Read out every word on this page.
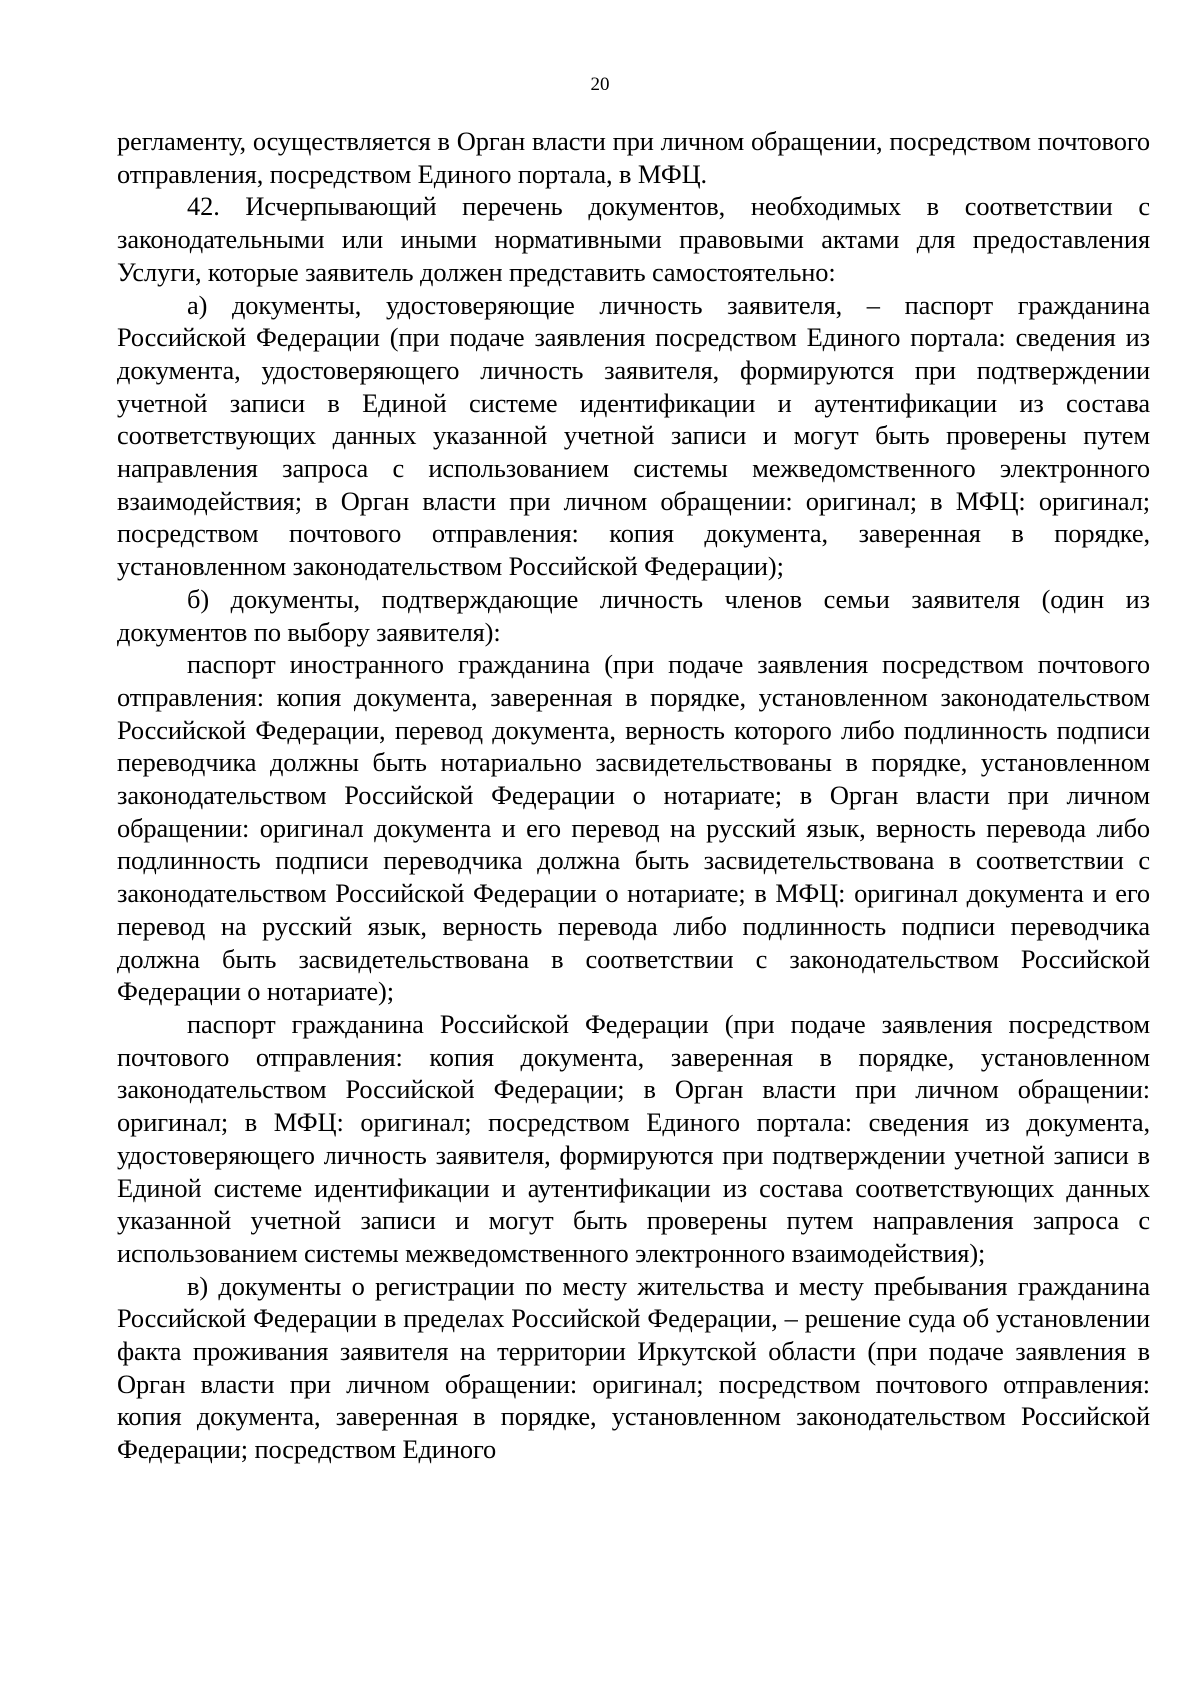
20

регламенту, осуществляется в Орган власти при личном обращении, посредством почтового отправления, посредством Единого портала, в МФЦ.

42. Исчерпывающий перечень документов, необходимых в соответствии с законодательными или иными нормативными правовыми актами для предоставления Услуги, которые заявитель должен представить самостоятельно:

а) документы, удостоверяющие личность заявителя, – паспорт гражданина Российской Федерации (при подаче заявления посредством Единого портала: сведения из документа, удостоверяющего личность заявителя, формируются при подтверждении учетной записи в Единой системе идентификации и аутентификации из состава соответствующих данных указанной учетной записи и могут быть проверены путем направления запроса с использованием системы межведомственного электронного взаимодействия; в Орган власти при личном обращении: оригинал; в МФЦ: оригинал; посредством почтового отправления: копия документа, заверенная в порядке, установленном законодательством Российской Федерации);

б) документы, подтверждающие личность членов семьи заявителя (один из документов по выбору заявителя):

паспорт иностранного гражданина (при подаче заявления посредством почтового отправления: копия документа, заверенная в порядке, установленном законодательством Российской Федерации, перевод документа, верность которого либо подлинность подписи переводчика должны быть нотариально засвидетельствованы в порядке, установленном законодательством Российской Федерации о нотариате; в Орган власти при личном обращении: оригинал документа и его перевод на русский язык, верность перевода либо подлинность подписи переводчика должна быть засвидетельствована в соответствии с законодательством Российской Федерации о нотариате; в МФЦ: оригинал документа и его перевод на русский язык, верность перевода либо подлинность подписи переводчика должна быть засвидетельствована в соответствии с законодательством Российской Федерации о нотариате);

паспорт гражданина Российской Федерации (при подаче заявления посредством почтового отправления: копия документа, заверенная в порядке, установленном законодательством Российской Федерации; в Орган власти при личном обращении: оригинал; в МФЦ: оригинал; посредством Единого портала: сведения из документа, удостоверяющего личность заявителя, формируются при подтверждении учетной записи в Единой системе идентификации и аутентификации из состава соответствующих данных указанной учетной записи и могут быть проверены путем направления запроса с использованием системы межведомственного электронного взаимодействия);

в) документы о регистрации по месту жительства и месту пребывания гражданина Российской Федерации в пределах Российской Федерации, – решение суда об установлении факта проживания заявителя на территории Иркутской области (при подаче заявления в Орган власти при личном обращении: оригинал; посредством почтового отправления: копия документа, заверенная в порядке, установленном законодательством Российской Федерации; посредством Единого
